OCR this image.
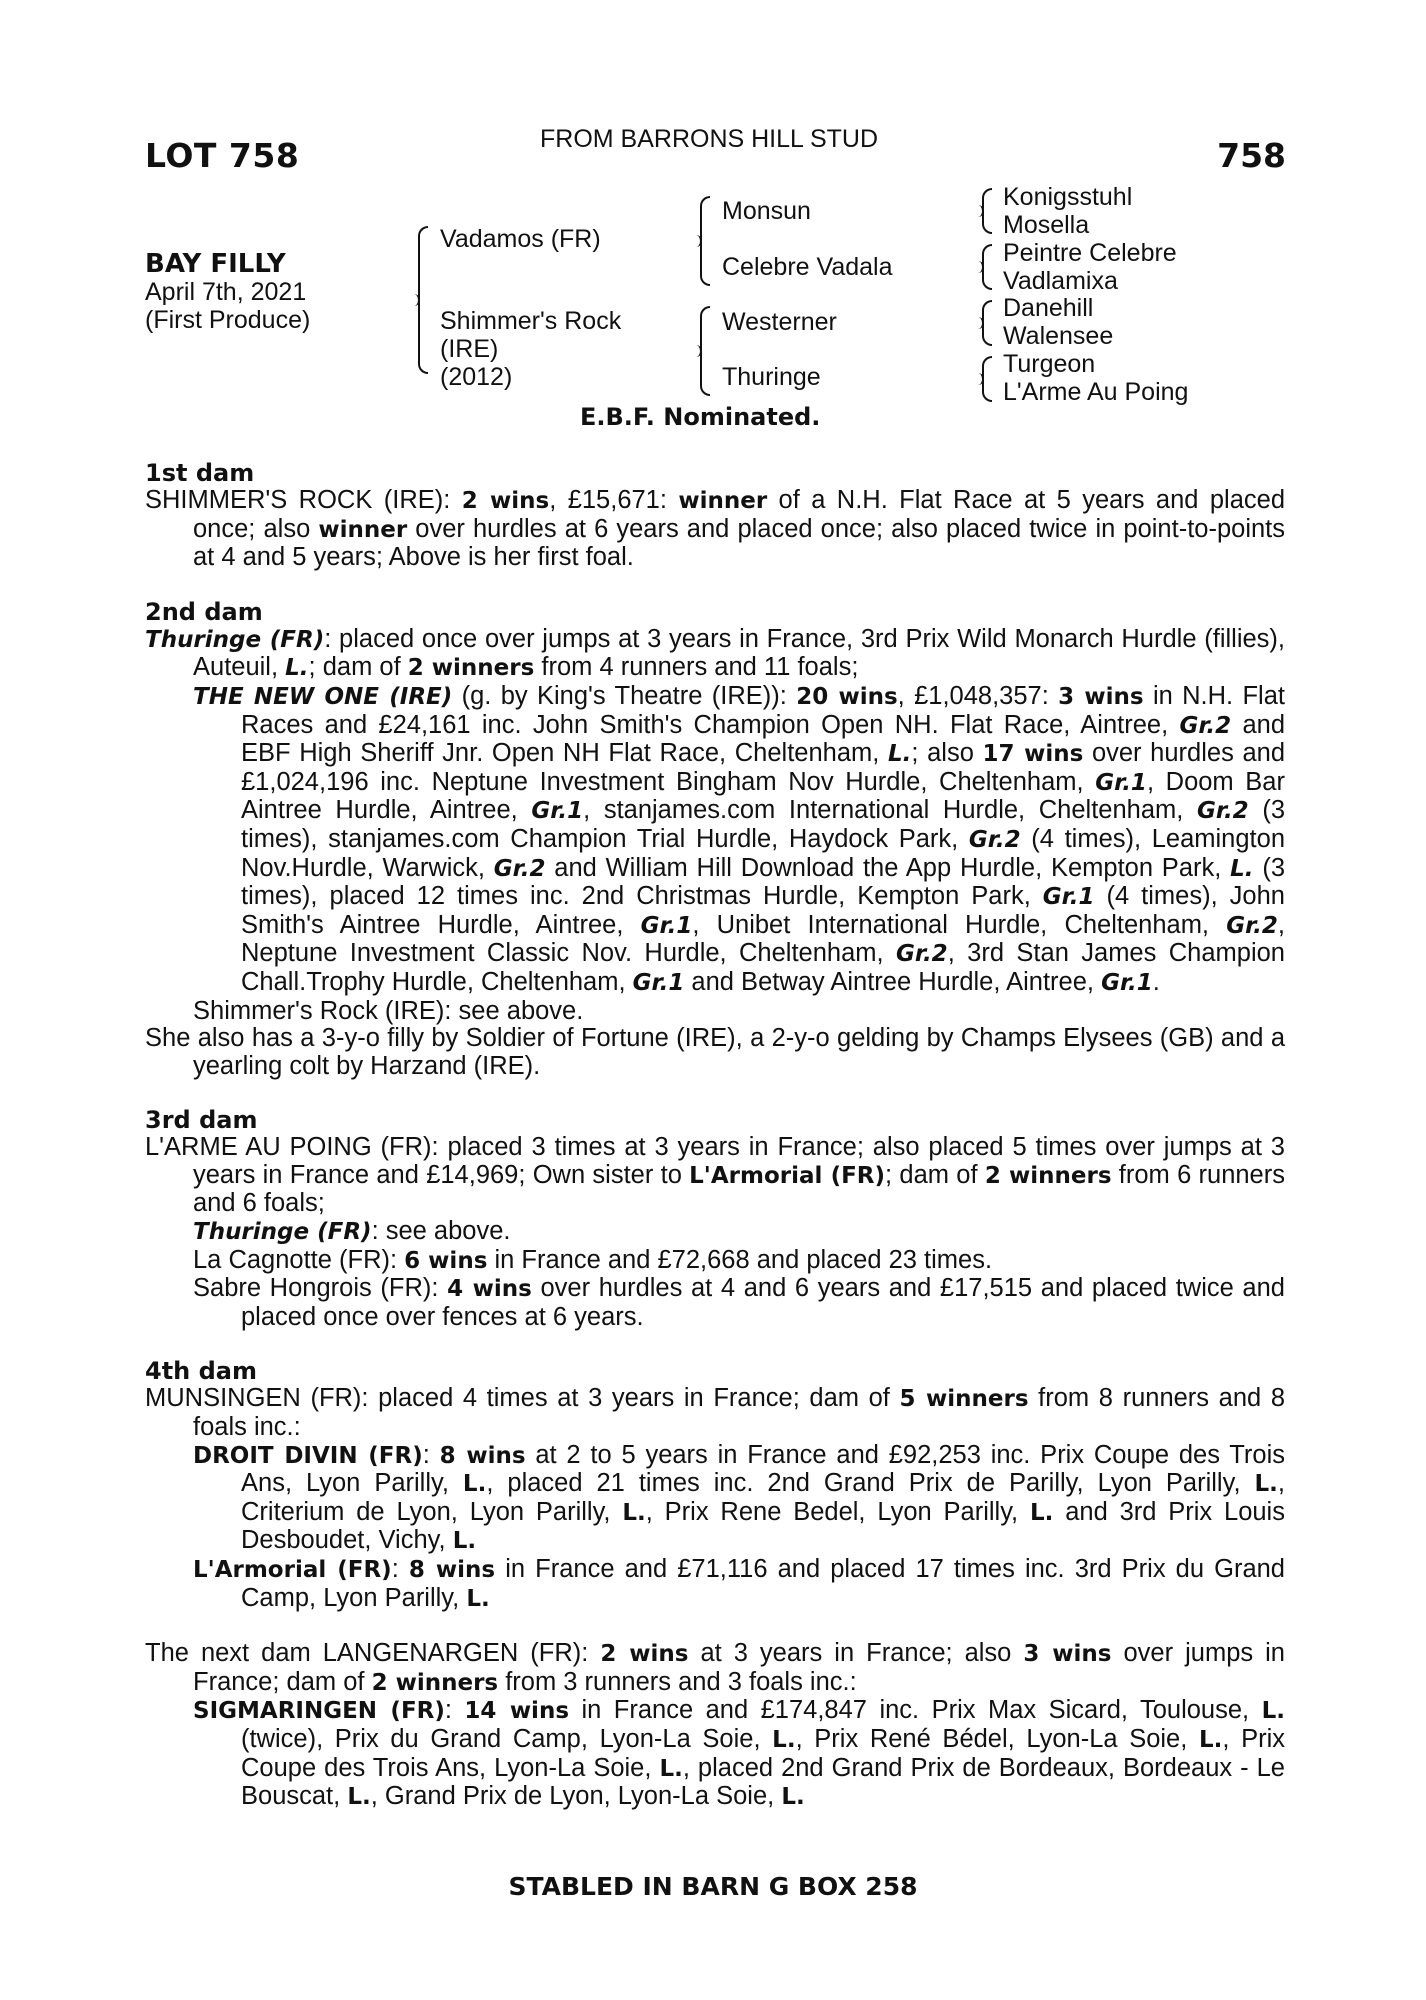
LOT 758	FROM BARRONS HILL STUD	758
BAY FILLY
April 7th, 2021
(First Produce)
Vadamos (FR)
Shimmer's Rock
(IRE)
(2012)
Monsun
Celebre Vadala
Westerner
Thuringe
Konigsstuhl
Mosella
Peintre Celebre
Vadlamixa
Danehill
Walensee
Turgeon
L'Arme Au Poing
E.B.F. Nominated.
1st dam
SHIMMER'S ROCK (IRE): 2 wins, £15,671: winner of a N.H. Flat Race at 5 years and placed once; also winner over hurdles at 6 years and placed once; also placed twice in point-to-points at 4 and 5 years; Above is her first foal.
2nd dam
Thuringe (FR): placed once over jumps at 3 years in France, 3rd Prix Wild Monarch Hurdle (fillies), Auteuil, L.; dam of 2 winners from 4 runners and 11 foals;
THE NEW ONE (IRE) (g. by King's Theatre (IRE)): 20 wins, £1,048,357: 3 wins in N.H. Flat Races and £24,161 inc. John Smith's Champion Open NH. Flat Race, Aintree, Gr.2 and EBF High Sheriff Jnr. Open NH Flat Race, Cheltenham, L.; also 17 wins over hurdles and £1,024,196 inc. Neptune Investment Bingham Nov Hurdle, Cheltenham, Gr.1, Doom Bar Aintree Hurdle, Aintree, Gr.1, stanjames.com International Hurdle, Cheltenham, Gr.2 (3 times), stanjames.com Champion Trial Hurdle, Haydock Park, Gr.2 (4 times), Leamington Nov.Hurdle, Warwick, Gr.2 and William Hill Download the App Hurdle, Kempton Park, L. (3 times), placed 12 times inc. 2nd Christmas Hurdle, Kempton Park, Gr.1 (4 times), John Smith's Aintree Hurdle, Aintree, Gr.1, Unibet International Hurdle, Cheltenham, Gr.2, Neptune Investment Classic Nov. Hurdle, Cheltenham, Gr.2, 3rd Stan James Champion Chall.Trophy Hurdle, Cheltenham, Gr.1 and Betway Aintree Hurdle, Aintree, Gr.1.
Shimmer's Rock (IRE): see above.
She also has a 3-y-o filly by Soldier of Fortune (IRE), a 2-y-o gelding by Champs Elysees (GB) and a yearling colt by Harzand (IRE).
3rd dam
L'ARME AU POING (FR): placed 3 times at 3 years in France; also placed 5 times over jumps at 3 years in France and £14,969; Own sister to L'Armorial (FR); dam of 2 winners from 6 runners and 6 foals;
Thuringe (FR): see above.
La Cagnotte (FR): 6 wins in France and £72,668 and placed 23 times.
Sabre Hongrois (FR): 4 wins over hurdles at 4 and 6 years and £17,515 and placed twice and placed once over fences at 6 years.
4th dam
MUNSINGEN (FR): placed 4 times at 3 years in France; dam of 5 winners from 8 runners and 8 foals inc.:
DROIT DIVIN (FR): 8 wins at 2 to 5 years in France and £92,253 inc. Prix Coupe des Trois Ans, Lyon Parilly, L., placed 21 times inc. 2nd Grand Prix de Parilly, Lyon Parilly, L., Criterium de Lyon, Lyon Parilly, L., Prix Rene Bedel, Lyon Parilly, L. and 3rd Prix Louis Desboudet, Vichy, L.
L'Armorial (FR): 8 wins in France and £71,116 and placed 17 times inc. 3rd Prix du Grand Camp, Lyon Parilly, L.
The next dam LANGENARGEN (FR): 2 wins at 3 years in France; also 3 wins over jumps in France; dam of 2 winners from 3 runners and 3 foals inc.:
SIGMARINGEN (FR): 14 wins in France and £174,847 inc. Prix Max Sicard, Toulouse, L. (twice), Prix du Grand Camp, Lyon-La Soie, L., Prix René Bédel, Lyon-La Soie, L., Prix Coupe des Trois Ans, Lyon-La Soie, L., placed 2nd Grand Prix de Bordeaux, Bordeaux - Le Bouscat, L., Grand Prix de Lyon, Lyon-La Soie, L.
STABLED IN BARN G BOX 258
